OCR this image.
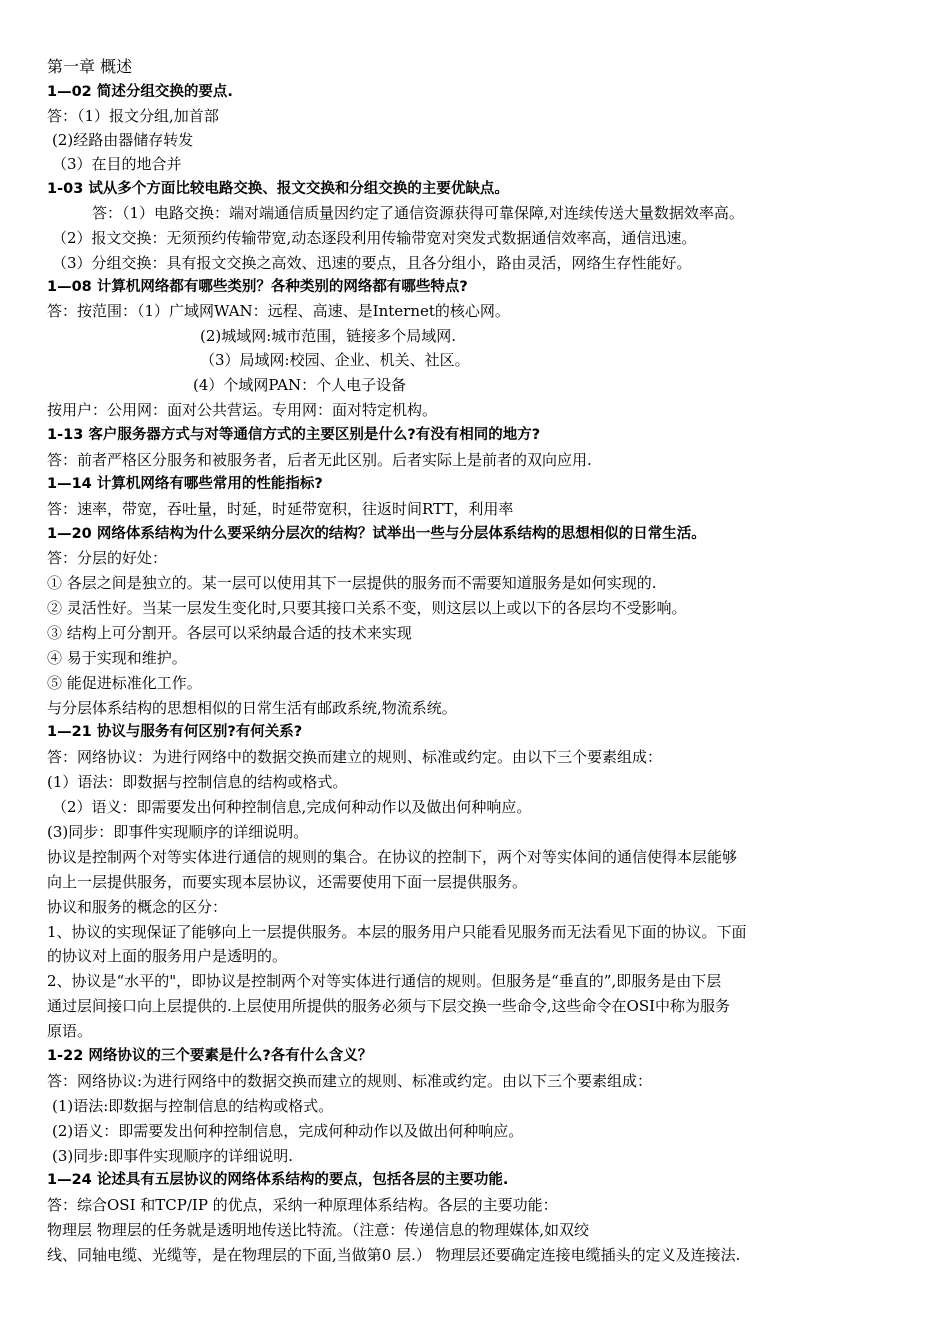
第一章 概述
1—02 简述分组交换的要点.
答：（1）报文分组,加首部
(2)经路由器储存转发
（3）在目的地合并
1-03 试从多个方面比较电路交换、报文交换和分组交换的主要优缺点。
答：（1）电路交换：端对端通信质量因约定了通信资源获得可靠保障,对连续传送大量数据效率高。
（2）报文交换：无须预约传输带宽,动态逐段利用传输带宽对突发式数据通信效率高，通信迅速。
（3）分组交换：具有报文交换之高效、迅速的要点，且各分组小，路由灵活，网络生存性能好。
1—08 计算机网络都有哪些类别？各种类别的网络都有哪些特点?
答：按范围：（1）广域网WAN：远程、高速、是Internet的核心网。
(2)城域网:城市范围，链接多个局域网.
（3）局域网:校园、企业、机关、社区。
(4）个域网PAN：个人电子设备
按用户：公用网：面对公共营运。专用网：面对特定机构。
1-13 客户服务器方式与对等通信方式的主要区别是什么?有没有相同的地方?
答：前者严格区分服务和被服务者，后者无此区别。后者实际上是前者的双向应用.
1—14 计算机网络有哪些常用的性能指标?
答：速率，带宽，吞吐量，时延，时延带宽积，往返时间RTT，利用率
1—20 网络体系结构为什么要采纳分层次的结构？试举出一些与分层体系结构的思想相似的日常生活。
答：分层的好处：
① 各层之间是独立的。某一层可以使用其下一层提供的服务而不需要知道服务是如何实现的.
② 灵活性好。当某一层发生变化时,只要其接口关系不变，则这层以上或以下的各层均不受影响。
③ 结构上可分割开。各层可以采纳最合适的技术来实现
④ 易于实现和维护。
⑤ 能促进标准化工作。
与分层体系结构的思想相似的日常生活有邮政系统,物流系统。
1—21 协议与服务有何区别?有何关系?
答：网络协议：为进行网络中的数据交换而建立的规则、标准或约定。由以下三个要素组成：
(1）语法：即数据与控制信息的结构或格式。
（2）语义：即需要发出何种控制信息,完成何种动作以及做出何种响应。
(3)同步：即事件实现顺序的详细说明。
协议是控制两个对等实体进行通信的规则的集合。在协议的控制下，两个对等实体间的通信使得本层能够
向上一层提供服务，而要实现本层协议，还需要使用下面一层提供服务。
协议和服务的概念的区分：
1、协议的实现保证了能够向上一层提供服务。本层的服务用户只能看见服务而无法看见下面的协议。下面
的协议对上面的服务用户是透明的。
2、协议是“水平的"，即协议是控制两个对等实体进行通信的规则。但服务是“垂直的”,即服务是由下层
通过层间接口向上层提供的.上层使用所提供的服务必须与下层交换一些命令,这些命令在OSI中称为服务
原语。
1-22 网络协议的三个要素是什么?各有什么含义？
答：网络协议:为进行网络中的数据交换而建立的规则、标准或约定。由以下三个要素组成：
(1)语法:即数据与控制信息的结构或格式。
(2)语义：即需要发出何种控制信息，完成何种动作以及做出何种响应。
(3)同步:即事件实现顺序的详细说明.
1—24 论述具有五层协议的网络体系结构的要点，包括各层的主要功能.
答：综合OSI 和TCP/IP 的优点，采纳一种原理体系结构。各层的主要功能：
物理层 物理层的任务就是透明地传送比特流。（注意：传递信息的物理媒体,如双绞
线、同轴电缆、光缆等，是在物理层的下面,当做第0 层.） 物理层还要确定连接电缆插头的定义及连接法.
